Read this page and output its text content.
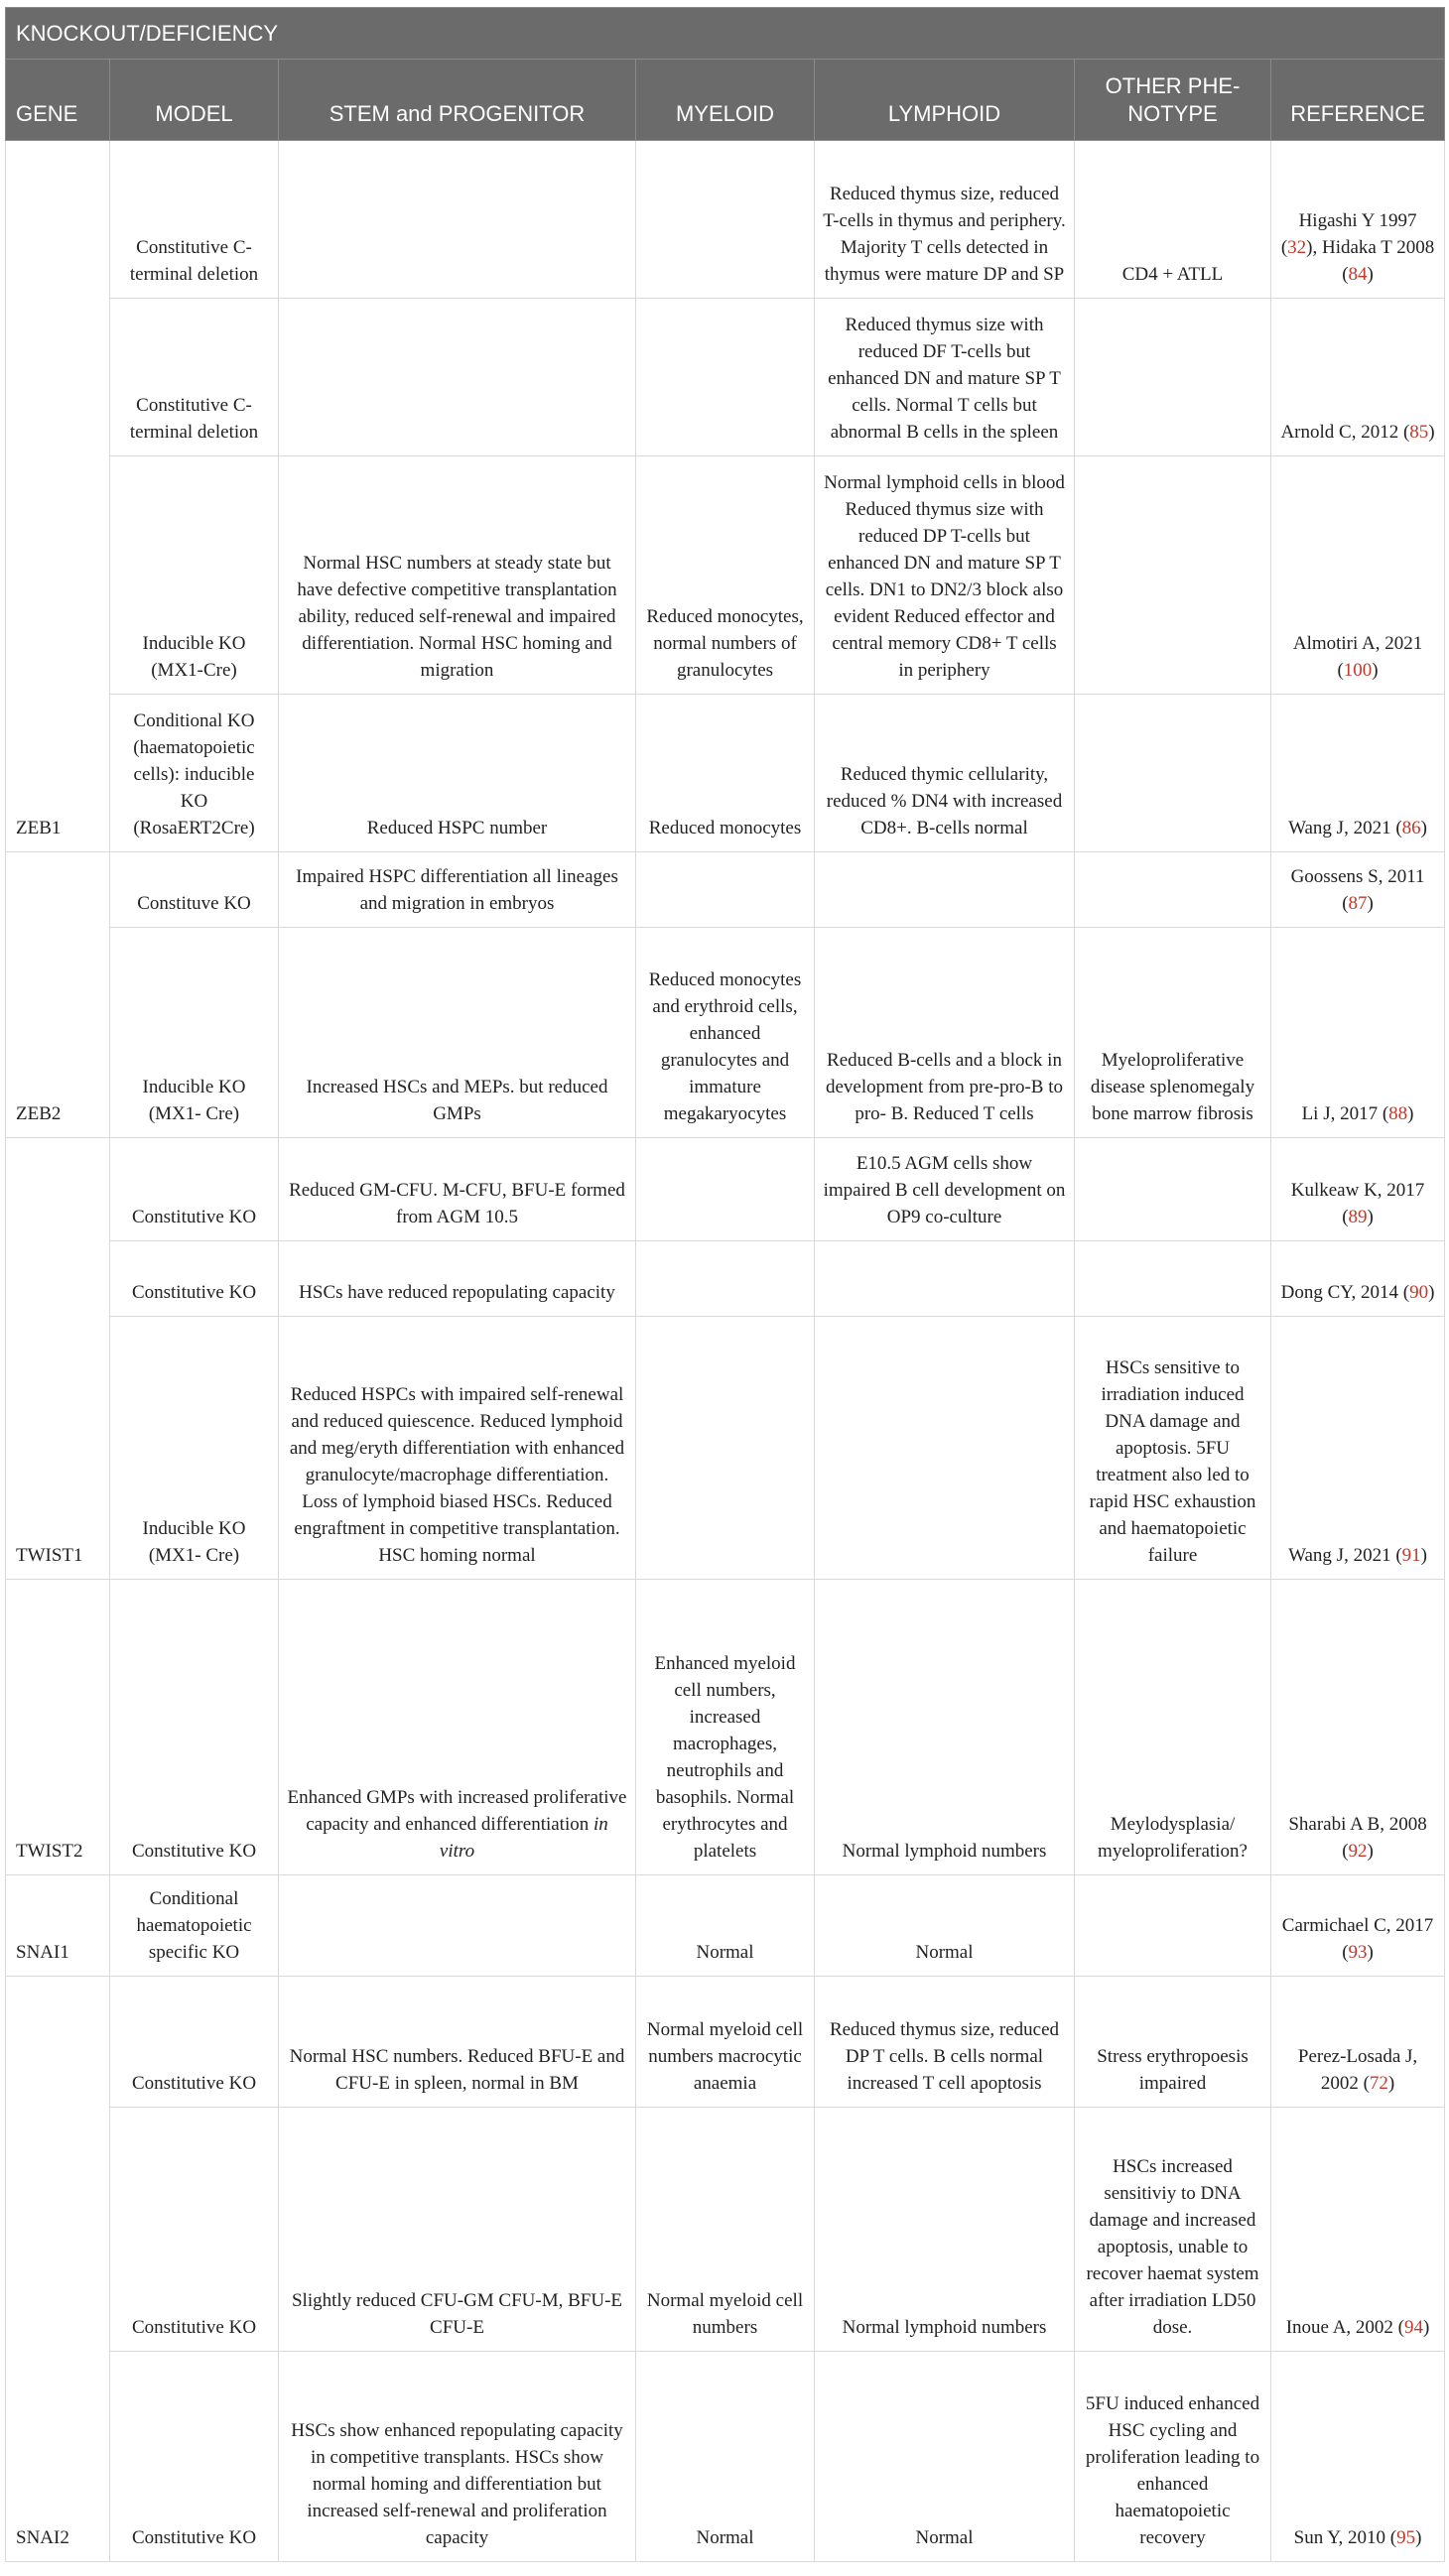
KNOCKOUT/DEFICIENCY						
GENE	MODEL	STEM and PROGENITOR	MYELOID	LYMPHOID	OTHER PHE-NOTYPE	REFERENCE
ZEB1	Constitutive C-terminal deletion			Reduced thymus size, reduced T-cells in thymus and periphery. Majority T cells detected in thymus were mature DP and SP	CD4 + ATLL	Higashi Y 1997 (32), Hidaka T 2008 (84)
	Constitutive C-terminal deletion			Reduced thymus size with reduced DF T-cells but enhanced DN and mature SP T cells. Normal T cells but abnormal B cells in the spleen		Arnold C, 2012 (85)
	Inducible KO (MX1-Cre)	Normal HSC numbers at steady state but have defective competitive transplantation ability, reduced self-renewal and impaired differentiation. Normal HSC homing and migration	Reduced monocytes, normal numbers of granulocytes	Normal lymphoid cells in blood Reduced thymus size with reduced DP T-cells but enhanced DN and mature SP T cells. DN1 to DN2/3 block also evident Reduced effector and central memory CD8+ T cells in periphery		Almotiri A, 2021 (100)
	Conditional KO (haematopoietic cells): inducible KO (RosaERT2Cre)	Reduced HSPC number	Reduced monocytes	Reduced thymic cellularity, reduced % DN4 with increased CD8+. B-cells normal		Wang J, 2021 (86)
ZEB2	Constituve KO	Impaired HSPC differentiation all lineages and migration in embryos				Goossens S, 2011 (87)
	Inducible KO (MX1- Cre)	Increased HSCs and MEPs. but reduced GMPs	Reduced monocytes and erythroid cells, enhanced granulocytes and immature megakaryocytes	Reduced B-cells and a block in development from pre-pro-B to pro- B. Reduced T cells	Myeloproliferative disease splenomegaly bone marrow fibrosis	Li J, 2017 (88)
TWIST1	Constitutive KO	Reduced GM-CFU. M-CFU, BFU-E formed from AGM 10.5		E10.5 AGM cells show impaired B cell development on OP9 co-culture		Kulkeaw K, 2017 (89)
	Constitutive KO	HSCs have reduced repopulating capacity				Dong CY, 2014 (90)
	Inducible KO (MX1- Cre)	Reduced HSPCs with impaired self-renewal and reduced quiescence. Reduced lymphoid and meg/eryth differentiation with enhanced granulocyte/macrophage differentiation. Loss of lymphoid biased HSCs. Reduced engraftment in competitive transplantation. HSC homing normal			HSCs sensitive to irradiation induced DNA damage and apoptosis. 5FU treatment also led to rapid HSC exhaustion and haematopoietic failure	Wang J, 2021 (91)
TWIST2	Constitutive KO	Enhanced GMPs with increased proliferative capacity and enhanced differentiation in vitro	Enhanced myeloid cell numbers, increased macrophages, neutrophils and basophils. Normal erythrocytes and platelets	Normal lymphoid numbers	Meylodysplasia/ myeloproliferation?	Sharabi A B, 2008 (92)
SNAI1	Conditional haematopoietic specific KO		Normal	Normal		Carmichael C, 2017 (93)
SNAI2	Constitutive KO	Normal HSC numbers. Reduced BFU-E and CFU-E in spleen, normal in BM	Normal myeloid cell numbers macrocytic anaemia	Reduced thymus size, reduced DP T cells. B cells normal increased T cell apoptosis	Stress erythropoesis impaired	Perez-Losada J, 2002 (72)
	Constitutive KO	Slightly reduced CFU-GM CFU-M, BFU-E CFU-E	Normal myeloid cell numbers	Normal lymphoid numbers	HSCs increased sensitiviy to DNA damage and increased apoptosis, unable to recover haemat system after irradiation LD50 dose.	Inoue A, 2002 (94)
	Constitutive KO	HSCs show enhanced repopulating capacity in competitive transplants. HSCs show normal homing and differentiation but increased self-renewal and proliferation capacity	Normal	Normal	5FU induced enhanced HSC cycling and proliferation leading to enhanced haematopoietic recovery	Sun Y, 2010 (95)
